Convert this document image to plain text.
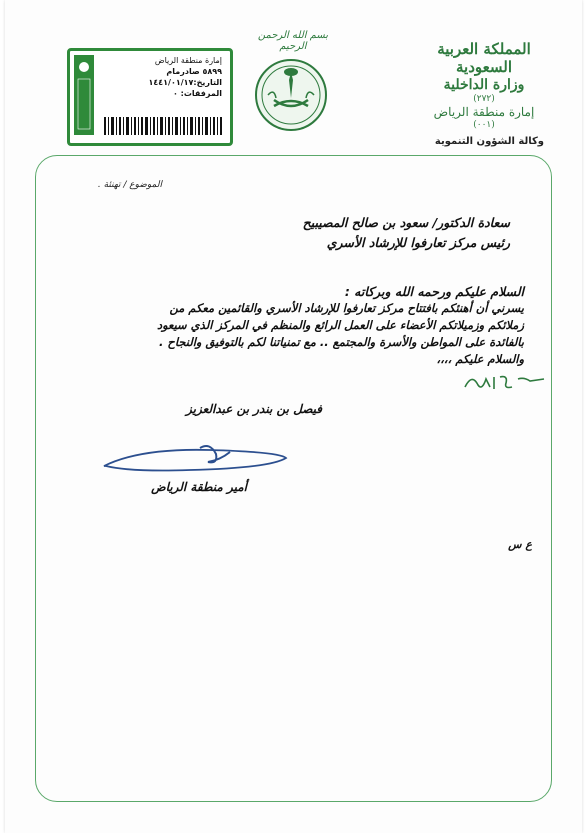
المملكة العربية السعودية
وزارة الداخلية
(٢٧٢)
إمارة منطقة الرياض
(٠٠١)
وكالة الشؤون التنموية
بسم الله الرحمن الرحيم
إمارة منطقة الرياض
٥٨٩٩ صادرمام
التاريخ:١٤٤١/٠١/١٧
المرفقات: ٠
الموضوع / تهنئة .
سعادة الدكتور/ سعود بن صالح المصيبيح
رئيس مركز تعارفوا للإرشاد الأسري
السلام عليكم ورحمه الله وبركاته :
يسرني أن أهنئكم بافتتاح مركز تعارفوا للإرشاد الأسري والقائمين معكم من
زملائكم وزميلاتكم الأعضاء على العمل الرائع والمنظم في المركز الذي سيعود
بالفائدة على المواطن والأسرة والمجتمع .. مع تمنياتنا لكم بالتوفيق والنجاح .
والسلام عليكم ،،،،
فيصل بن بندر بن عبدالعزيز
أمير منطقة الرياض
ع س
